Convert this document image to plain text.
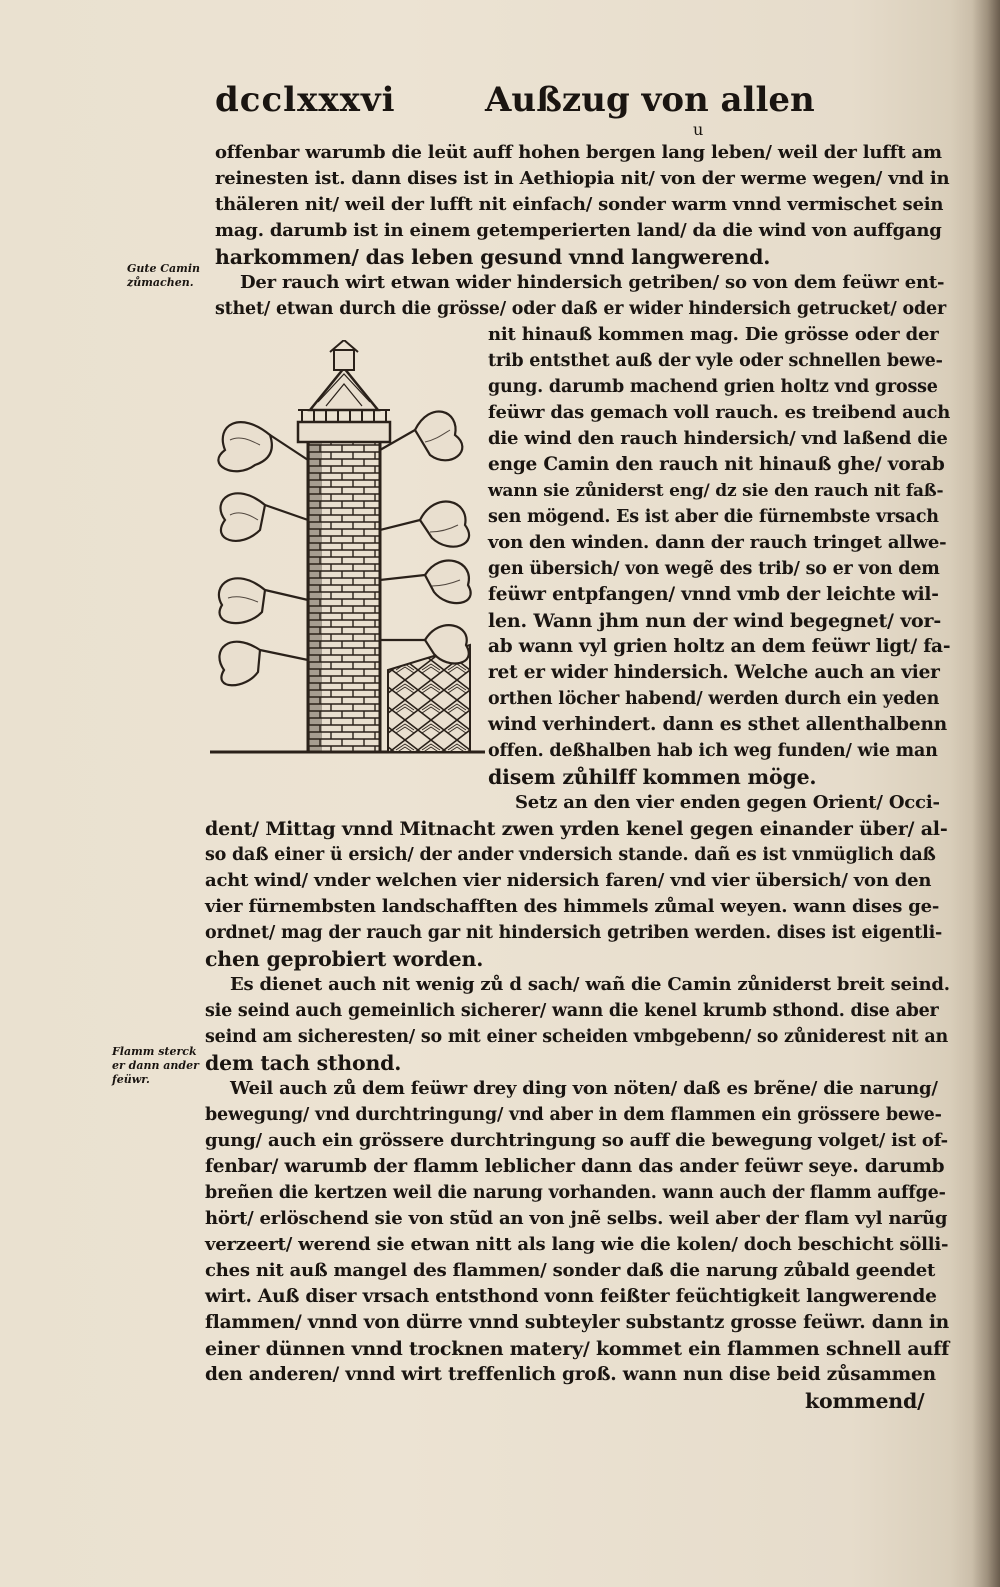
dcclxxxvi
u
Außzug von allen
Gute Camin
zůmachen.
Flamm sterck
er dann ander
feüwr.
offenbar warumb die leüt auff hohen bergen lang leben/ weil der lufft am
reinesten ist. dann dises ist in Aethiopia nit/ von der werme wegen/ vnd in
thäleren nit/ weil der lufft nit einfach/ sonder warm vnnd vermischet sein
mag. darumb ist in einem getemperierten land/ da die wind von auffgang
harkommen/ das leben gesund vnnd langwerend.
Der rauch wirt etwan wider hindersich getriben/ so von dem feüwr ent-
sthet/ etwan durch die grösse/ oder daß er wider hindersich getrucket/ oder
nit hinauß kommen mag. Die grösse oder der
trib entsthet auß der vyle oder schnellen bewe-
gung. darumb machend grien holtz vnd grosse
feüwr das gemach voll rauch. es treibend auch
die wind den rauch hindersich/ vnd laßend die
enge Camin den rauch nit hinauß ghe/ vorab
wann sie zůniderst eng/ dz sie den rauch nit faß-
sen mögend. Es ist aber die fürnembste vrsach
von den winden. dann der rauch tringet allwe-
gen übersich/ von wegẽ des trib/ so er von dem
feüwr entpfangen/ vnnd vmb der leichte wil-
len. Wann jhm nun der wind begegnet/ vor-
ab wann vyl grien holtz an dem feüwr ligt/ fa-
ret er wider hindersich. Welche auch an vier
orthen löcher habend/ werden durch ein yeden
wind verhindert. dann es sthet allenthalbenn
offen. deßhalben hab ich weg funden/ wie man
disem zůhilff kommen möge.
Setz an den vier enden gegen Orient/ Occi-
dent/ Mittag vnnd Mitnacht zwen yrden kenel gegen einander über/ al-
so daß einer ü ersich/ der ander vndersich stande. dañ es ist vnmüglich daß
acht wind/ vnder welchen vier nidersich faren/ vnd vier übersich/ von den
vier fürnembsten landschafften des himmels zůmal weyen. wann dises ge-
ordnet/ mag der rauch gar nit hindersich getriben werden. dises ist eigentli-
chen geprobiert worden.
Es dienet auch nit wenig zů d sach/ wañ die Camin zůniderst breit seind.
sie seind auch gemeinlich sicherer/ wann die kenel krumb sthond. dise aber
seind am sicheresten/ so mit einer scheiden vmbgebenn/ so zůniderest nit an
dem tach sthond.
Weil auch zů dem feüwr drey ding von nöten/ daß es brẽne/ die narung/
bewegung/ vnd durchtringung/ vnd aber in dem flammen ein grössere bewe-
gung/ auch ein grössere durchtringung so auff die bewegung volget/ ist of-
fenbar/ warumb der flamm leblicher dann das ander feüwr seye. darumb
breñen die kertzen weil die narung vorhanden. wann auch der flamm auffge-
hört/ erlöschend sie von stũd an von jnẽ selbs. weil aber der flam vyl narũg
verzeert/ werend sie etwan nitt als lang wie die kolen/ doch beschicht sölli-
ches nit auß mangel des flammen/ sonder daß die narung zůbald geendet
wirt. Auß diser vrsach entsthond vonn feißter feüchtigkeit langwerende
flammen/ vnnd von dürre vnnd subteyler substantz grosse feüwr. dann in
einer dünnen vnnd trocknen matery/ kommet ein flammen schnell auff
den anderen/ vnnd wirt treffenlich groß. wann nun dise beid zůsammen
kommend/
